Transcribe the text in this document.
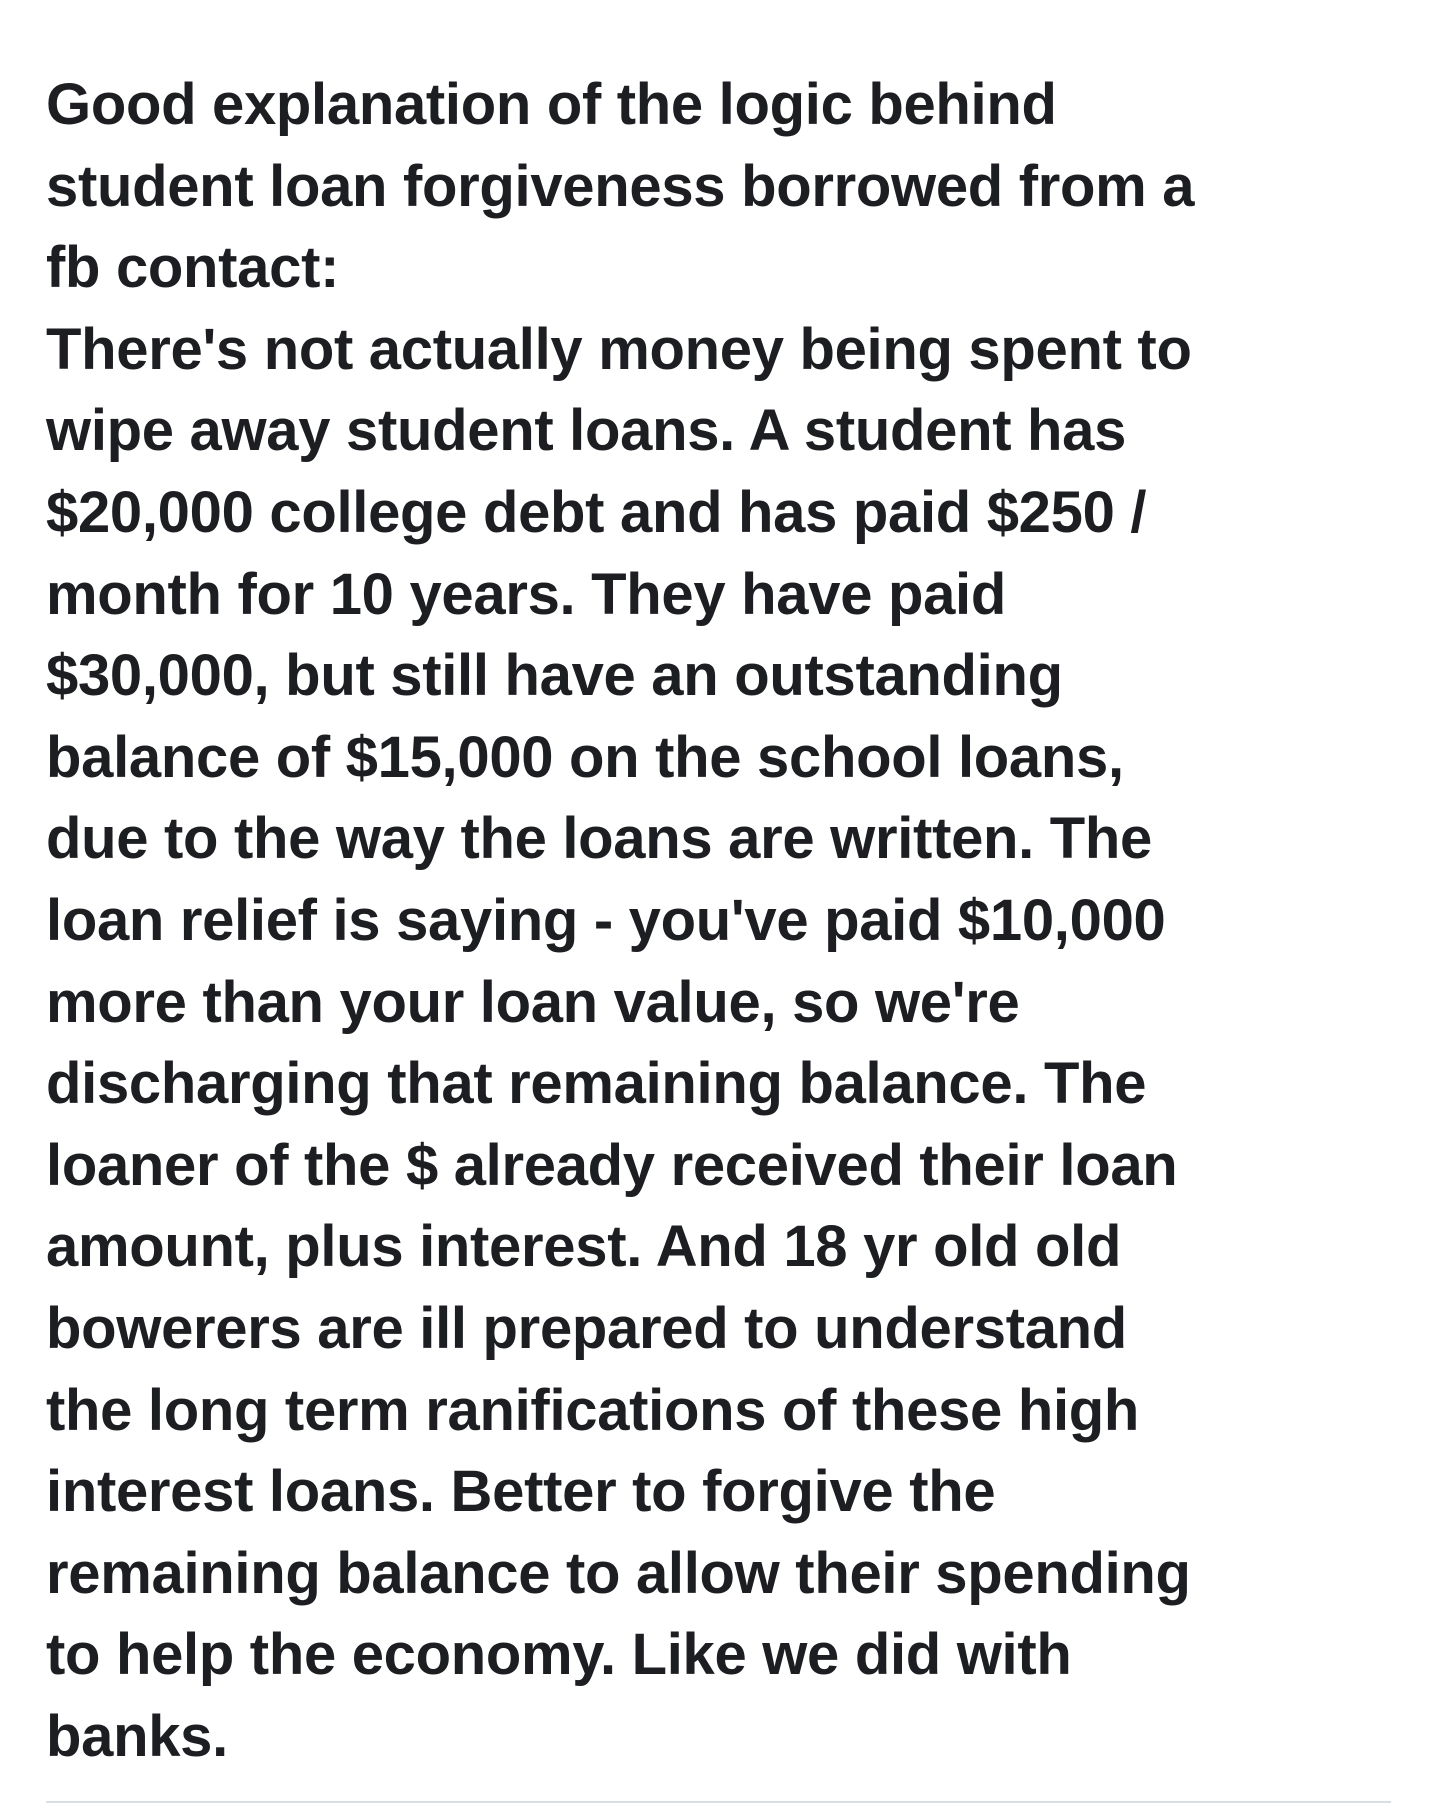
Good explanation of the logic behind
student loan forgiveness borrowed from a
fb contact:
There's not actually money being spent to
wipe away student loans. A student has
$20,000 college debt and has paid $250 /
month for 10 years. They have paid
$30,000, but still have an outstanding
balance of $15,000 on the school loans,
due to the way the loans are written. The
loan relief is saying - you've paid $10,000
more than your loan value, so we're
discharging that remaining balance. The
loaner of the $ already received their loan
amount, plus interest. And 18 yr old old
bowerers are ill prepared to understand
the long term ranifications of these high
interest loans. Better to forgive the
remaining balance to allow their spending
to help the economy. Like we did with
banks.
